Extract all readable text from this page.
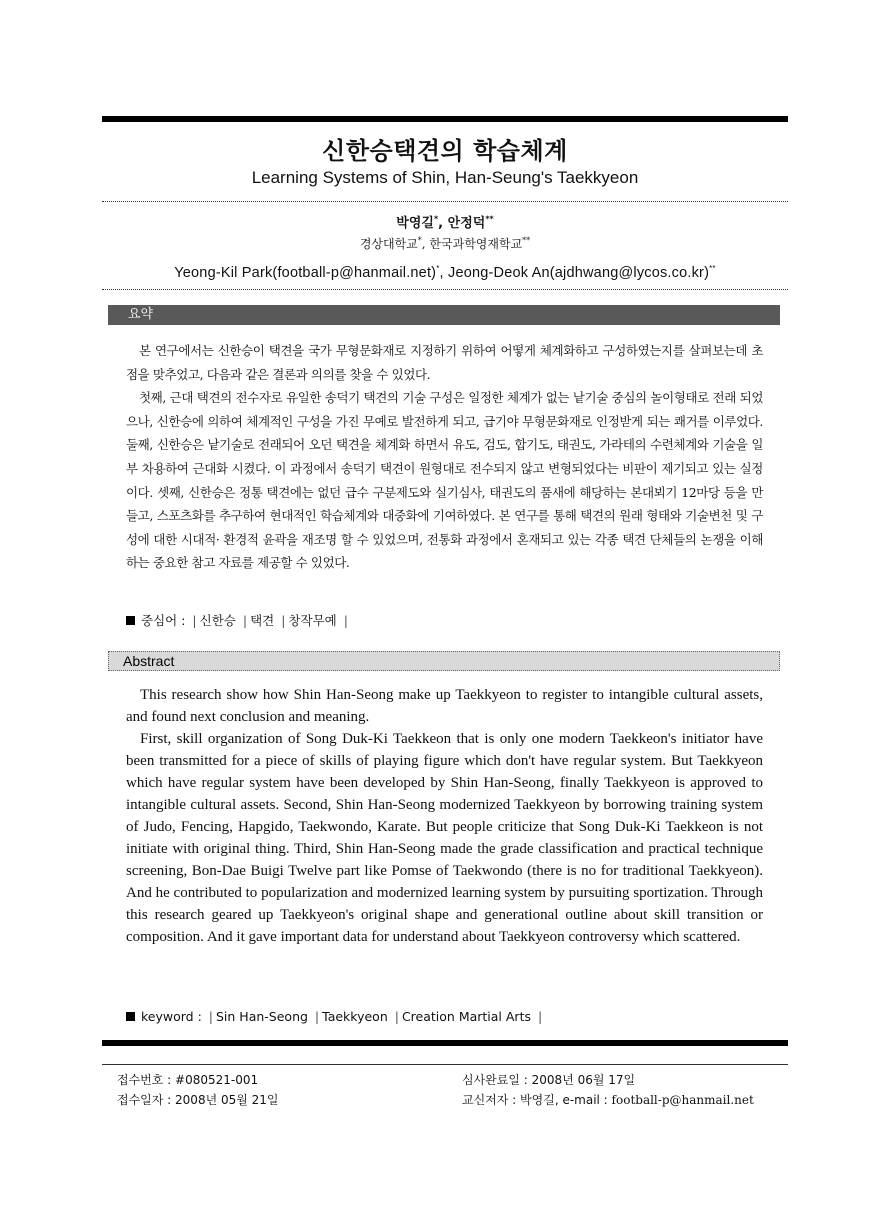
신한승택견의 학습체계
Learning Systems of Shin, Han-Seung's Taekkyeon
박영길*, 안정덕**
경상대학교*, 한국과학영재학교**
Yeong-Kil Park(football-p@hanmail.net)*, Jeong-Deok An(ajdhwang@lycos.co.kr)**
요약

본 연구에서는 신한승이 택견을 국가 무형문화재로 지정하기 위하여 어떻게 체계화하고 구성하였는지를 살펴보는데 초점을 맞추었고, 다음과 같은 결론과 의의를 찾을 수 있었다.

첫째, 근대 택견의 전수자로 유일한 송덕기 택견의 기술 구성은 일정한 체계가 없는 낱기술 중심의 놀이형태로 전래 되었으나, 신한승에 의하여 체계적인 구성을 가진 무예로 발전하게 되고, 급기야 무형문화재로 인정받게 되는 쾌거를 이루었다. 둘째, 신한승은 낱기술로 전래되어 오던 택견을 체계화 하면서 유도, 검도, 합기도, 태권도, 가라테의 수련체계와 기술을 일부 차용하여 근대화 시켰다. 이 과정에서 송덕기 택견이 원형대로 전수되지 않고 변형되었다는 비판이 제기되고 있는 실정이다. 셋째, 신한승은 정통 택견에는 없던 급수 구분제도와 실기심사, 태권도의 품새에 해당하는 본대뵈기 12마당 등을 만들고, 스포츠화를 추구하여 현대적인 학습체계와 대중화에 기여하였다. 본 연구를 통해 택견의 원래 형태와 기술변천 및 구성에 대한 시대적· 환경적 윤곽을 재조명 할 수 있었으며, 전통화 과정에서 혼재되고 있는 각종 택견 단체들의 논쟁을 이해하는 중요한 참고 자료를 제공할 수 있었다.

중심어 : | 신한승 | 택견 | 창작무예 |
Abstract

This research show how Shin Han-Seong make up Taekkyeon to register to intangible cultural assets, and found next conclusion and meaning.

First, skill organization of Song Duk-Ki Taekkeon that is only one modern Taekkeon's initiator have been transmitted for a piece of skills of playing figure which don't have regular system. But Taekkyeon which have regular system have been developed by Shin Han-Seong, finally Taekkyeon is approved to intangible cultural assets. Second, Shin Han-Seong modernized Taekkyeon by borrowing training system of Judo, Fencing, Hapgido, Taekwondo, Karate. But people criticize that Song Duk-Ki Taekkeon is not initiate with original thing. Third, Shin Han-Seong made the grade classification and practical technique screening, Bon-Dae Buigi Twelve part like Pomse of Taekwondo (there is no for traditional Taekkyeon). And he contributed to popularization and modernized learning system by pursuiting sportization. Through this research geared up Taekkyeon's original shape and generational outline about skill transition or composition. And it gave important data for understand about Taekkyeon controversy which scattered.

keyword : | Sin Han-Seong | Taekkyeon | Creation Martial Arts |
접수번호 : #080521-001
접수일자 : 2008년 05월 21일
심사완료일 : 2008년 06월 17일
교신저자 : 박영길, e-mail : football-p@hanmail.net
